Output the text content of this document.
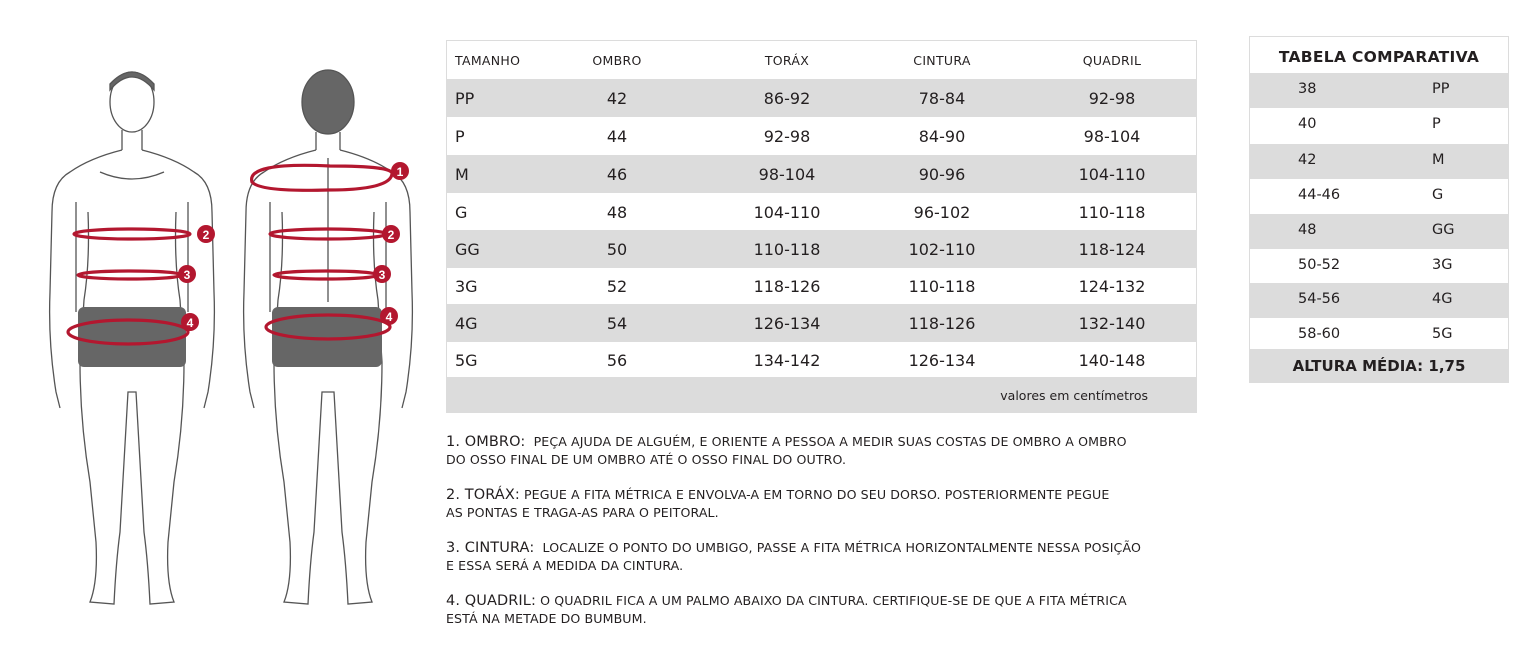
2
3
4
1
2
3
4
TAMANHO	OMBRO	TORÁX	CINTURA	QUADRIL
PP	42	86-92	78-84	92-98
P	44	92-98	84-90	98-104
M	46	98-104	90-96	104-110
G	48	104-110	96-102	110-118
GG	50	110-118	102-110	118-124
3G	52	118-126	110-118	124-132
4G	54	126-134	118-126	132-140
5G	56	134-142	126-134	140-148
valores em centímetros
TABELA COMPARATIVA
38	PP
40	P
42	M
44-46	G
48	GG
50-52	3G
54-56	4G
58-60	5G
ALTURA MÉDIA: 1,75
1. OMBRO: PEÇA AJUDA DE ALGUÉM, E ORIENTE A PESSOA A MEDIR SUAS COSTAS DE OMBRO A OMBRO
DO OSSO FINAL DE UM OMBRO ATÉ O OSSO FINAL DO OUTRO.
2. TORÁX: PEGUE A FITA MÉTRICA E ENVOLVA-A EM TORNO DO SEU DORSO. POSTERIORMENTE PEGUE
AS PONTAS E TRAGA-AS PARA O PEITORAL.
3. CINTURA: LOCALIZE O PONTO DO UMBIGO, PASSE A FITA MÉTRICA HORIZONTALMENTE NESSA POSIÇÃO
E ESSA SERÁ A MEDIDA DA CINTURA.
4. QUADRIL: O QUADRIL FICA A UM PALMO ABAIXO DA CINTURA. CERTIFIQUE-SE DE QUE A FITA MÉTRICA
ESTÁ NA METADE DO BUMBUM.
